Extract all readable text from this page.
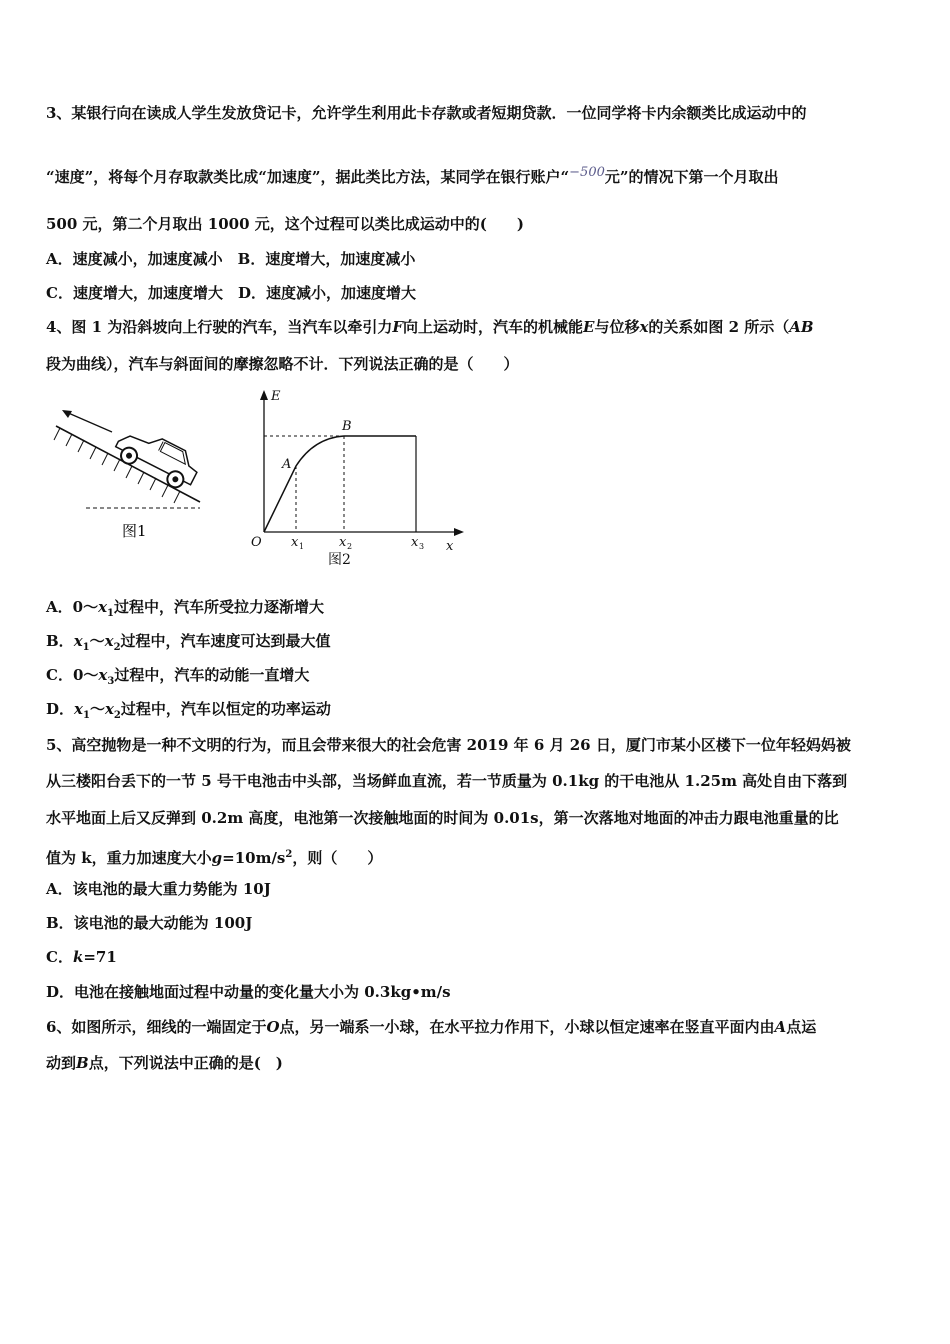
3、某银行向在读成人学生发放贷记卡，允许学生利用此卡存款或者短期贷款．一位同学将卡内余额类比成运动中的
“速度”，将每个月存取款类比成“加速度”，据此类比方法，某同学在银行账户“−500元”的情况下第一个月取出
500 元，第二个月取出 1000 元，这个过程可以类比成运动中的(　　)
A．速度减小，加速度减小　B．速度增大，加速度减小
C．速度增大，加速度增大　D．速度减小，加速度增大
4、图 1 为沿斜坡向上行驶的汽车，当汽车以牵引力F向上运动时，汽车的机械能E与位移x的关系如图 2 所示（AB
段为曲线），汽车与斜面间的摩擦忽略不计．下列说法正确的是（　　）
图1
E
x
O
A
B
x	x	x
1	2	3
图2
A．$0\sim x_1$过程中，汽车所受拉力逐渐增大
B．$x_1\sim x_2$过程中，汽车速度可达到最大值
C．$0\sim x_3$过程中，汽车的动能一直增大
D．$x_1\sim x_2$过程中，汽车以恒定的功率运动
5、高空抛物是一种不文明的行为，而且会带来很大的社会危害 2019 年 6 月 26 日，厦门市某小区楼下一位年轻妈妈被
从三楼阳台丢下的一节 5 号干电池击中头部，当场鲜血直流，若一节质量为 0.1kg 的干电池从 1.25m 高处自由下落到
水平地面上后又反弹到 0.2m 高度，电池第一次接触地面的时间为 0.01s，第一次落地对地面的冲击力跟电池重量的比
值为 k，重力加速度大小$g=10m/s^2$，则（　　）
A．该电池的最大重力势能为 10J
B．该电池的最大动能为 100J
C．k=71
D．电池在接触地面过程中动量的变化量大小为 0.3kg•m/s
6、如图所示，细线的一端固定于O点，另一端系一小球，在水平拉力作用下，小球以恒定速率在竖直平面内由A点运
动到B点，下列说法中正确的是(　)
